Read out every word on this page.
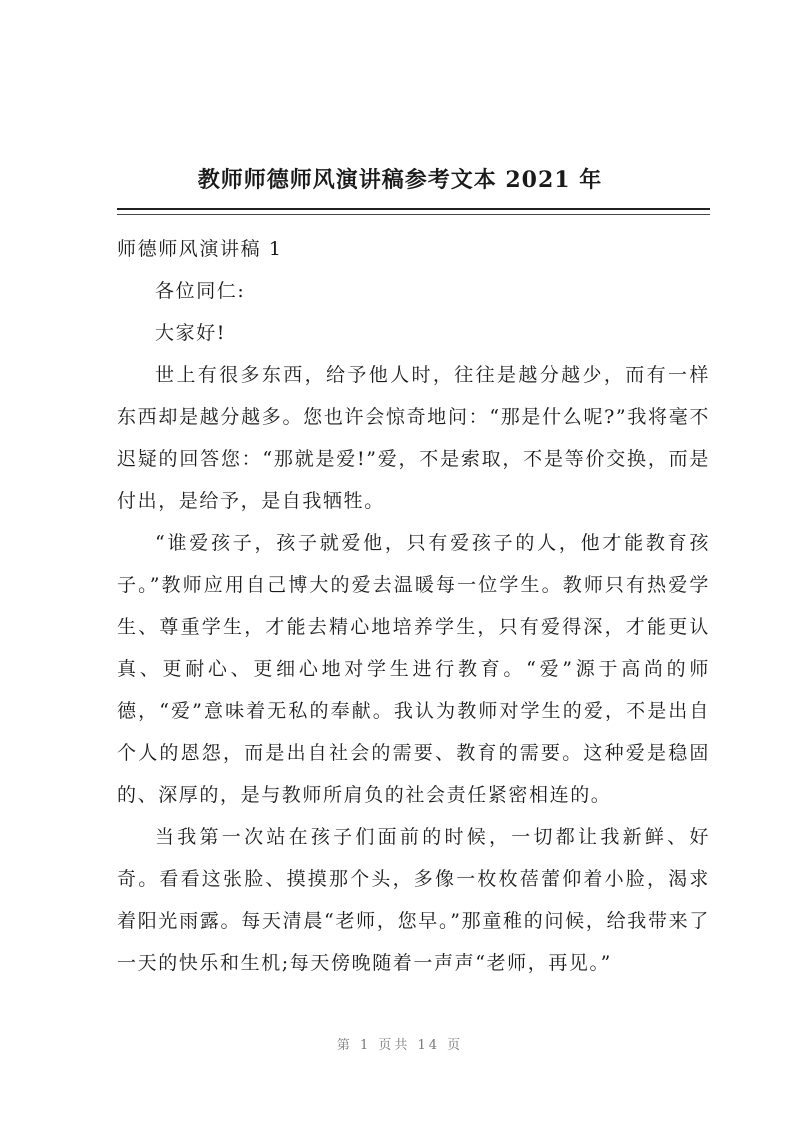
教师师德师风演讲稿参考文本 2021 年

师德师风演讲稿 1

各位同仁:

大家好!

世上有很多东西，给予他人时，往往是越分越少，而有一样东西却是越分越多。您也许会惊奇地问：“那是什么呢?”我将毫不迟疑的回答您：“那就是爱!”爱，不是索取，不是等价交换，而是付出，是给予，是自我牺牲。

“谁爱孩子，孩子就爱他，只有爱孩子的人，他才能教育孩子。”教师应用自己博大的爱去温暖每一位学生。教师只有热爱学生、尊重学生，才能去精心地培养学生，只有爱得深，才能更认真、更耐心、更细心地对学生进行教育。“爱”源于高尚的师德，“爱”意味着无私的奉献。我认为教师对学生的爱，不是出自个人的恩怨，而是出自社会的需要、教育的需要。这种爱是稳固的、深厚的，是与教师所肩负的社会责任紧密相连的。

当我第一次站在孩子们面前的时候，一切都让我新鲜、好奇。看看这张脸、摸摸那个头，多像一枚枚蓓蕾仰着小脸，渴求着阳光雨露。每天清晨“老师，您早。”那童稚的问候，给我带来了一天的快乐和生机;每天傍晚随着一声声“老师，再见。”

第 1 页共 14 页
